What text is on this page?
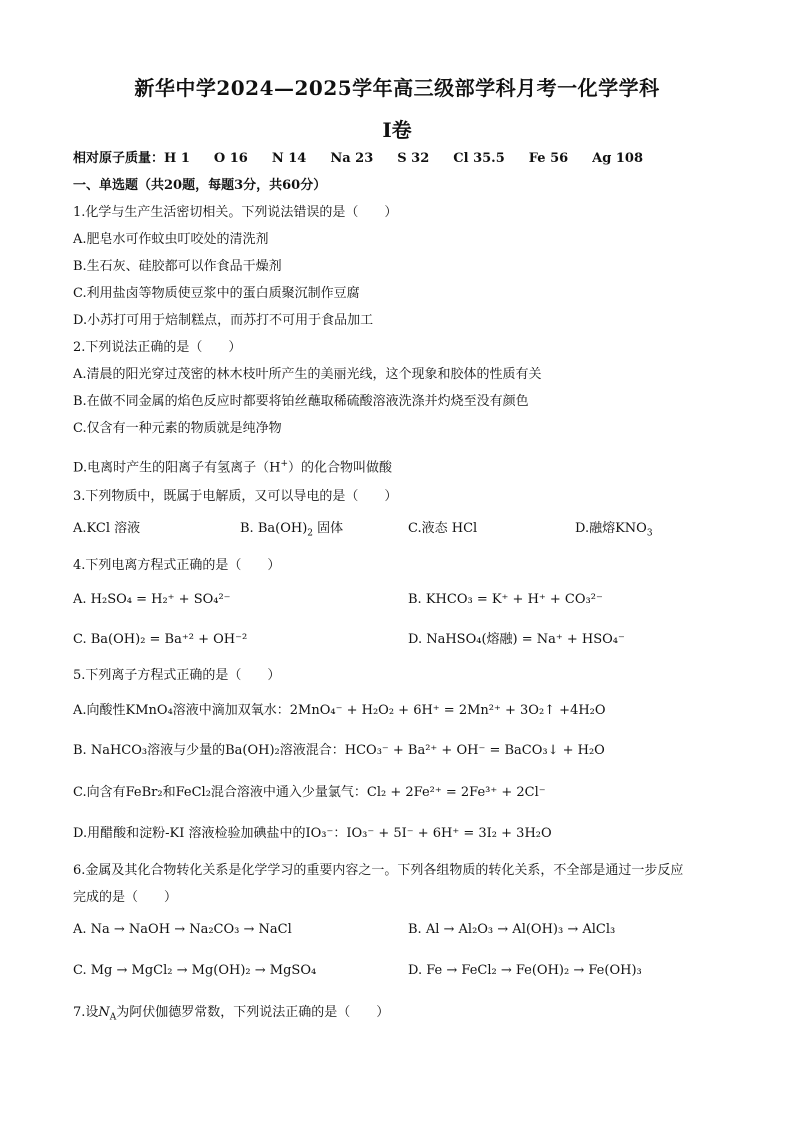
新华中学2024—2025学年高三级部学科月考一化学学科
Ⅰ卷
相对原子质量：H 1 O 16 N 14 Na 23 S 32 Cl 35.5 Fe 56 Ag 108
一、单选题（共20题，每题3分，共60分）
1.化学与生产生活密切相关。下列说法错误的是（　　）
A.肥皂水可作蚊虫叮咬处的清洗剂
B.生石灰、硅胶都可以作食品干燥剂
C.利用盐卤等物质使豆浆中的蛋白质聚沉制作豆腐
D.小苏打可用于焙制糕点，而苏打不可用于食品加工
2.下列说法正确的是（　　）
A.清晨的阳光穿过茂密的林木枝叶所产生的美丽光线，这个现象和胶体的性质有关
B.在做不同金属的焰色反应时都要将铂丝蘸取稀硫酸溶液洗涤并灼烧至没有颜色
C.仅含有一种元素的物质就是纯净物
D.电离时产生的阳离子有氢离子（H+）的化合物叫做酸
3.下列物质中，既属于电解质，又可以导电的是（　　）
A.KCl 溶液	B. $Ba(OH)_2$ 固体	C.液态 HCl	D.融熔$KNO_3$
4.下列电离方程式正确的是（　　）
A. H₂SO₄ = H₂⁺ + SO₄²⁻	B. KHCO₃ = K⁺ + H⁺ + CO₃²⁻
C. Ba(OH)₂ = Ba⁺² + OH⁻²	D. NaHSO₄(熔融) = Na⁺ + HSO₄⁻
5.下列离子方程式正确的是（　　）
A.向酸性KMnO₄溶液中滴加双氧水：2MnO₄⁻ + H₂O₂ + 6H⁺ = 2Mn²⁺ + 3O₂↑ +4H₂O
B. NaHCO₃溶液与少量的Ba(OH)₂溶液混合：HCO₃⁻ + Ba²⁺ + OH⁻ = BaCO₃↓ + H₂O
C.向含有FeBr₂和FeCl₂混合溶液中通入少量氯气：Cl₂ + 2Fe²⁺ = 2Fe³⁺ + 2Cl⁻
D.用醋酸和淀粉-KI 溶液检验加碘盐中的IO₃⁻：IO₃⁻ + 5I⁻ + 6H⁺ = 3I₂ + 3H₂O
6.金属及其化合物转化关系是化学学习的重要内容之一。下列各组物质的转化关系，不全部是通过一步反应
完成的是（　　）
A. Na → NaOH → Na₂CO₃ → NaCl	B. Al → Al₂O₃ → Al(OH)₃ → AlCl₃
C. Mg → MgCl₂ → Mg(OH)₂ → MgSO₄	D. Fe → FeCl₂ → Fe(OH)₂ → Fe(OH)₃
7.设$N_A$为阿伏伽德罗常数，下列说法正确的是（　　）
